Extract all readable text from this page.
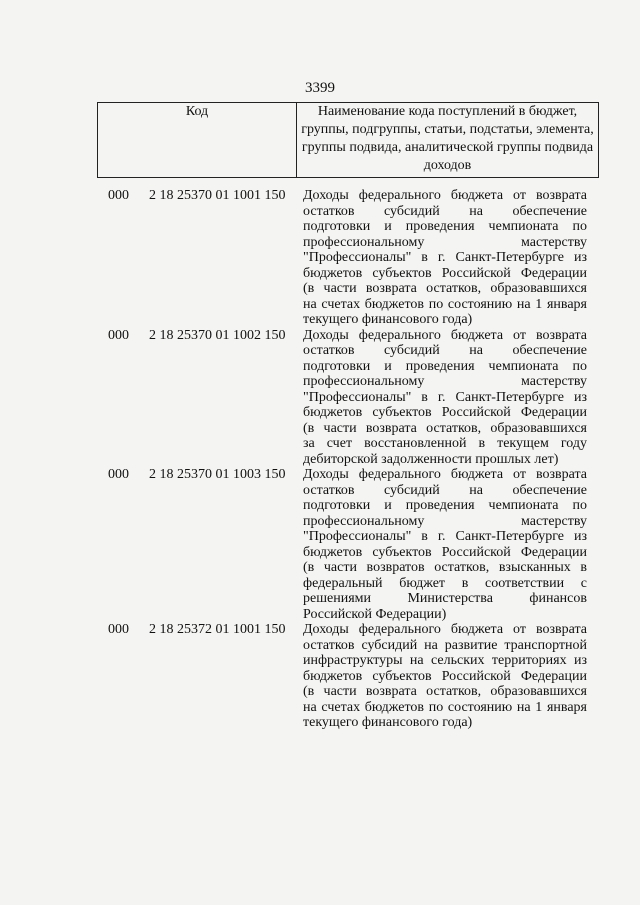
3399
Код	Наименование кода поступлений в бюджет, группы, подгруппы, статьи, подстатьи, элемента, группы подвида, аналитической группы подвида доходов
000 2 18 25370 01 1001 150 Доходы федерального бюджета от возврата
остатков субсидий на обеспечение
подготовки и проведения чемпионата по
профессиональному мастерству
"Профессионалы" в г. Санкт-Петербурге из
бюджетов субъектов Российской Федерации
(в части возврата остатков, образовавшихся
на счетах бюджетов по состоянию на 1 января
текущего финансового года)
000 2 18 25370 01 1002 150 Доходы федерального бюджета от возврата
остатков субсидий на обеспечение
подготовки и проведения чемпионата по
профессиональному мастерству
"Профессионалы" в г. Санкт-Петербурге из
бюджетов субъектов Российской Федерации
(в части возврата остатков, образовавшихся
за счет восстановленной в текущем году
дебиторской задолженности прошлых лет)
000 2 18 25370 01 1003 150 Доходы федерального бюджета от возврата
остатков субсидий на обеспечение
подготовки и проведения чемпионата по
профессиональному мастерству
"Профессионалы" в г. Санкт-Петербурге из
бюджетов субъектов Российской Федерации
(в части возвратов остатков, взысканных в
федеральный бюджет в соответствии с
решениями Министерства финансов
Российской Федерации)
000 2 18 25372 01 1001 150 Доходы федерального бюджета от возврата
остатков субсидий на развитие транспортной
инфраструктуры на сельских территориях из
бюджетов субъектов Российской Федерации
(в части возврата остатков, образовавшихся
на счетах бюджетов по состоянию на 1 января
текущего финансового года)
